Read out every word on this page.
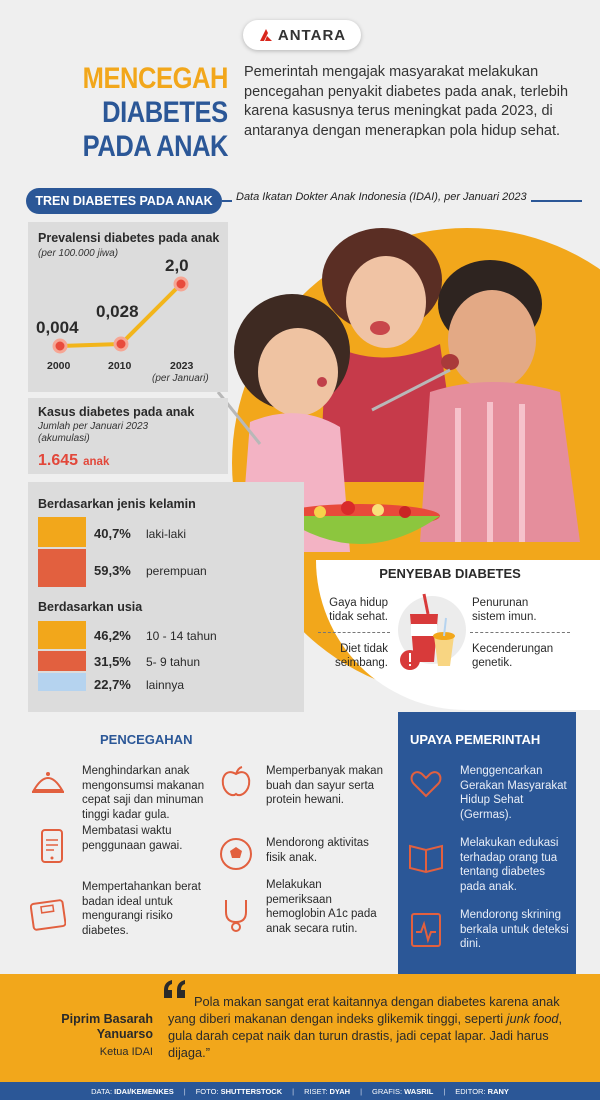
ANTARA
MENCEGAH
DIABETES
PADA ANAK
Pemerintah mengajak masyarakat melakukan pencegahan penyakit diabetes pada anak, terlebih karena kasusnya terus meningkat pada 2023, di antaranya dengan menerapkan pola hidup sehat.
TREN DIABETES PADA ANAK	Data Ikatan Dokter Anak Indonesia (IDAI), per Januari 2023
Prevalensi diabetes pada anak
(per 100.000 jiwa)
0,004
0,028
2,0
2000	2010	2023
(per Januari)
Kasus diabetes pada anak
Jumlah per Januari 2023
(akumulasi)
1.645 anak
Berdasarkan jenis kelamin
40,7% laki-laki
59,3% perempuan
Berdasarkan usia
46,2% 10 - 14 tahun
31,5% 5- 9 tahun
22,7% lainnya
PENYEBAB DIABETES
Gaya hidup tidak sehat.
Penurunan sistem imun.
Diet tidak seimbang.
Kecenderungan genetik.
PENCEGAHAN
Menghindarkan anak mengonsumsi makanan cepat saji dan minuman tinggi kadar gula.
Membatasi waktu penggunaan gawai.
Mempertahankan berat badan ideal untuk mengurangi risiko diabetes.
Memperbanyak makan buah dan sayur serta protein hewani.
Mendorong aktivitas fisik anak.
Melakukan pemeriksaan hemoglobin A1c pada anak secara rutin.
UPAYA PEMERINTAH
Menggencarkan Gerakan Masyarakat Hidup Sehat (Germas).
Melakukan edukasi terhadap orang tua tentang diabetes pada anak.
Mendorong skrining berkala untuk deteksi dini.
Piprim Basarah Yanuarso
Ketua IDAI
Pola makan sangat erat kaitannya dengan diabetes karena anak yang diberi makanan dengan indeks glikemik tinggi, seperti junk food, gula darah cepat naik dan turun drastis, jadi cepat lapar. Jadi harus dijaga.”
DATA: IDAI/KEMENKES | FOTO: SHUTTERSTOCK | RISET: DYAH | GRAFIS: WASRIL | EDITOR: RANY
